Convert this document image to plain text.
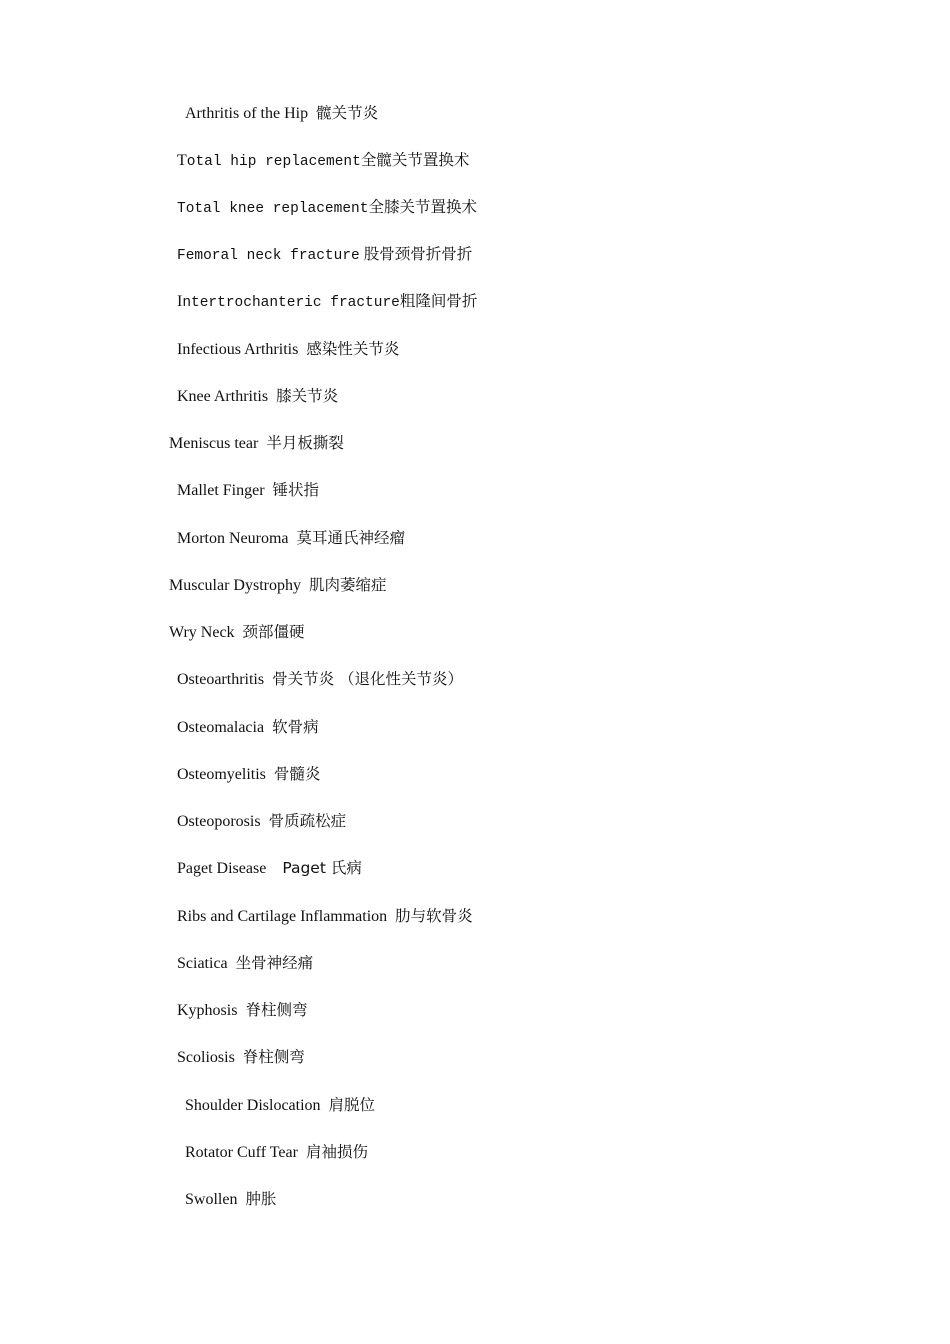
Arthritis of the Hip 髋关节炎
Total hip replacement全髋关节置换术
Total knee replacement全膝关节置换术
Femoral neck fracture 股骨颈骨折骨折
Intertrochanteric fracture粗隆间骨折
Infectious Arthritis 感染性关节炎
Knee Arthritis 膝关节炎
Meniscus tear 半月板撕裂
Mallet Finger 锤状指
Morton Neuroma 莫耳通氏神经瘤
Muscular Dystrophy 肌肉萎缩症
Wry Neck 颈部僵硬
Osteoarthritis 骨关节炎 （退化性关节炎）
Osteomalacia 软骨病
Osteomyelitis 骨髓炎
Osteoporosis 骨质疏松症
Paget Disease Paget 氏病
Ribs and Cartilage Inflammation 肋与软骨炎
Sciatica 坐骨神经痛
Kyphosis 脊柱侧弯
Scoliosis 脊柱侧弯
Shoulder Dislocation 肩脱位
Rotator Cuff Tear 肩袖损伤
Swollen 肿胀
